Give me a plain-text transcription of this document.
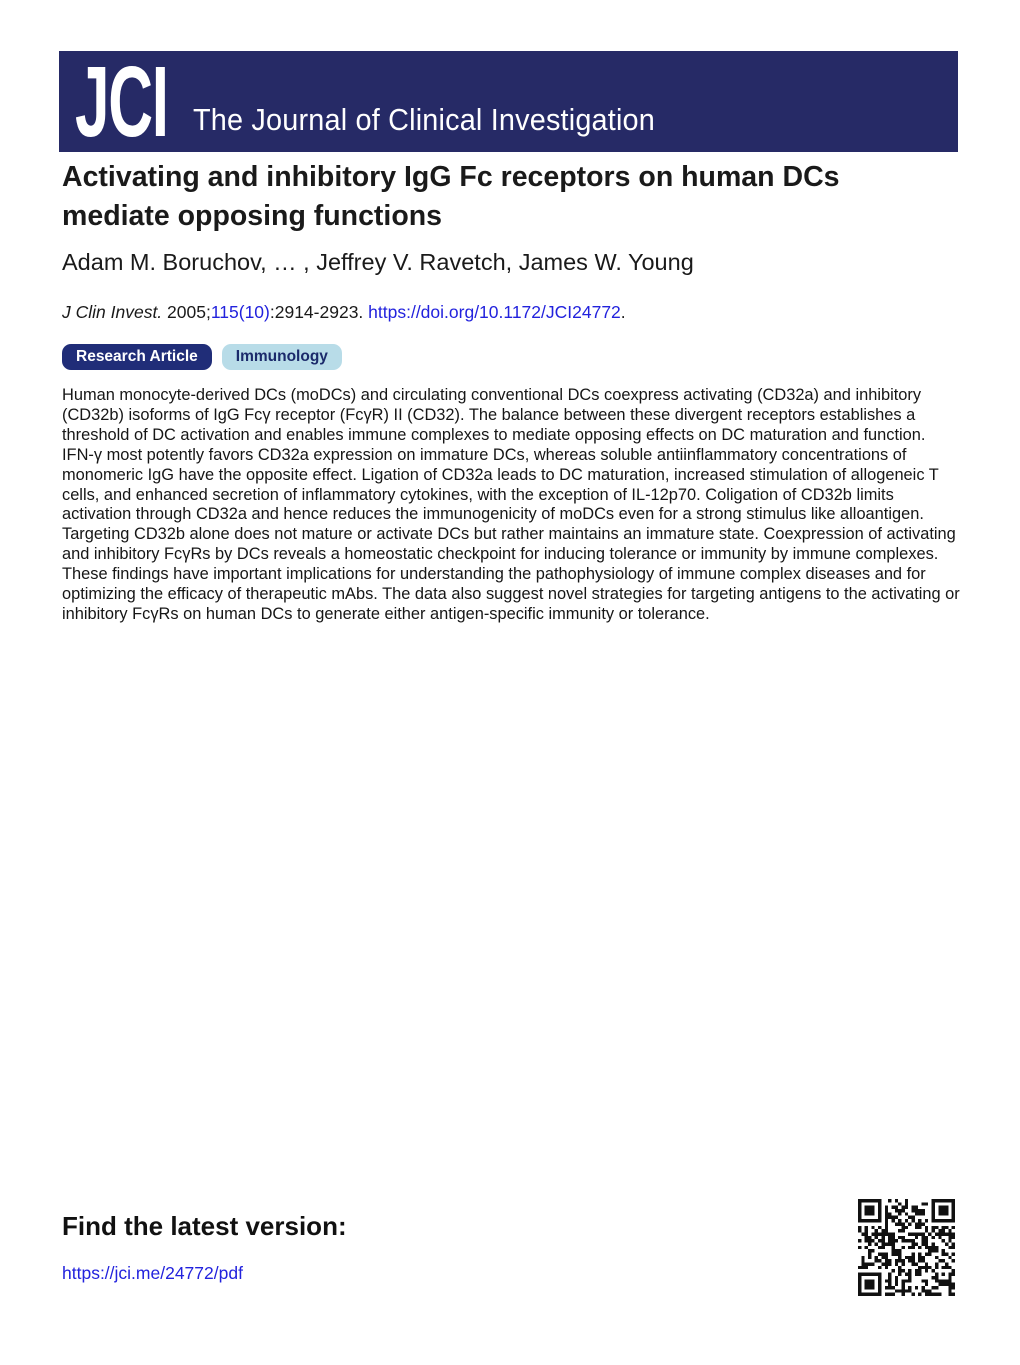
JCI The Journal of Clinical Investigation
Activating and inhibitory IgG Fc receptors on human DCs mediate opposing functions
Adam M. Boruchov, … , Jeffrey V. Ravetch, James W. Young
J Clin Invest. 2005;115(10):2914-2923. https://doi.org/10.1172/JCI24772.
Research Article	Immunology

Human monocyte-derived DCs (moDCs) and circulating conventional DCs coexpress activating (CD32a) and inhibitory (CD32b) isoforms of IgG Fcγ receptor (FcγR) II (CD32). The balance between these divergent receptors establishes a threshold of DC activation and enables immune complexes to mediate opposing effects on DC maturation and function. IFN-γ most potently favors CD32a expression on immature DCs, whereas soluble antiinflammatory concentrations of monomeric IgG have the opposite effect. Ligation of CD32a leads to DC maturation, increased stimulation of allogeneic T cells, and enhanced secretion of inflammatory cytokines, with the exception of IL-12p70. Coligation of CD32b limits activation through CD32a and hence reduces the immunogenicity of moDCs even for a strong stimulus like alloantigen. Targeting CD32b alone does not mature or activate DCs but rather maintains an immature state. Coexpression of activating and inhibitory FcγRs by DCs reveals a homeostatic checkpoint for inducing tolerance or immunity by immune complexes. These findings have important implications for understanding the pathophysiology of immune complex diseases and for optimizing the efficacy of therapeutic mAbs. The data also suggest novel strategies for targeting antigens to the activating or inhibitory FcγRs on human DCs to generate either antigen-specific immunity or tolerance.

Find the latest version:
https://jci.me/24772/pdf
